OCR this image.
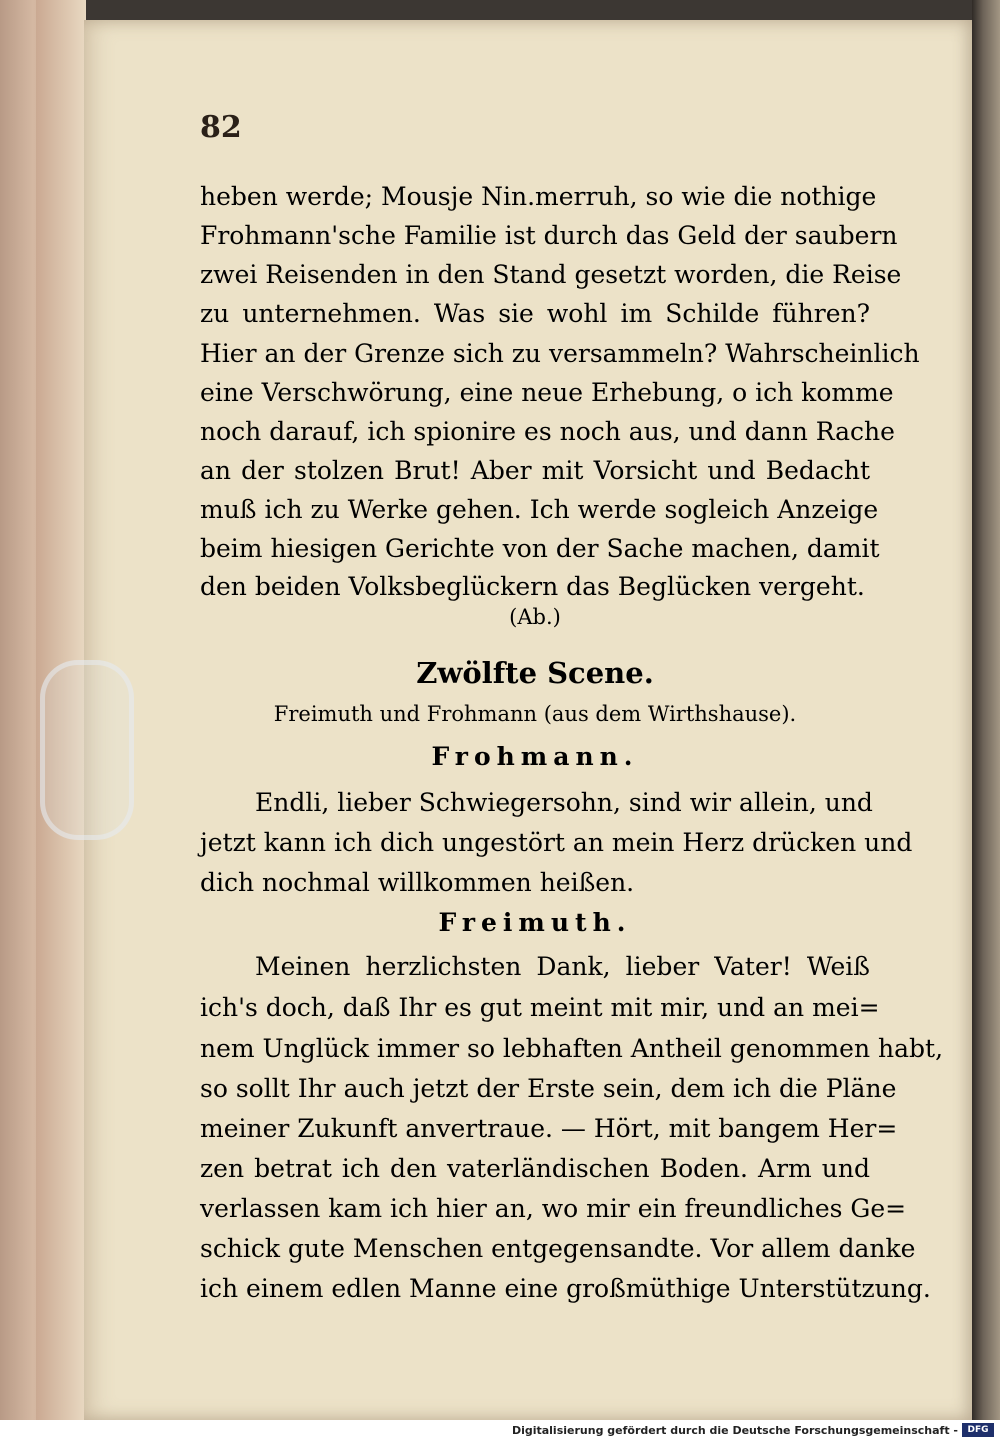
82
heben werde; Mousje Nin.merruh, so wie die nothige
Frohmann'sche Familie ist durch das Geld der saubern
zwei Reisenden in den Stand gesetzt worden, die Reise
zu unternehmen. Was sie wohl im Schilde führen?
Hier an der Grenze sich zu versammeln? Wahrscheinlich
eine Verschwörung, eine neue Erhebung, o ich komme
noch darauf, ich spionire es noch aus, und dann Rache
an der stolzen Brut! Aber mit Vorsicht und Bedacht
muß ich zu Werke gehen. Ich werde sogleich Anzeige
beim hiesigen Gerichte von der Sache machen, damit
den beiden Volksbeglückern das Beglücken vergeht.
(Ab.)
Zwölfte Scene.
Freimuth und Frohmann (aus dem Wirthshause).
Frohmann.
Endli, lieber Schwiegersohn, sind wir allein, und
jetzt kann ich dich ungestört an mein Herz drücken und
dich nochmal willkommen heißen.
Freimuth.
Meinen herzlichsten Dank, lieber Vater! Weiß
ich's doch, daß Ihr es gut meint mit mir, und an mei=
nem Unglück immer so lebhaften Antheil genommen habt,
so sollt Ihr auch jetzt der Erste sein, dem ich die Pläne
meiner Zukunft anvertraue. — Hört, mit bangem Her=
zen betrat ich den vaterländischen Boden. Arm und
verlassen kam ich hier an, wo mir ein freundliches Ge=
schick gute Menschen entgegensandte. Vor allem danke
ich einem edlen Manne eine großmüthige Unterstützung.
Digitalisierung gefördert durch die Deutsche Forschungsgemeinschaft -	DFG
